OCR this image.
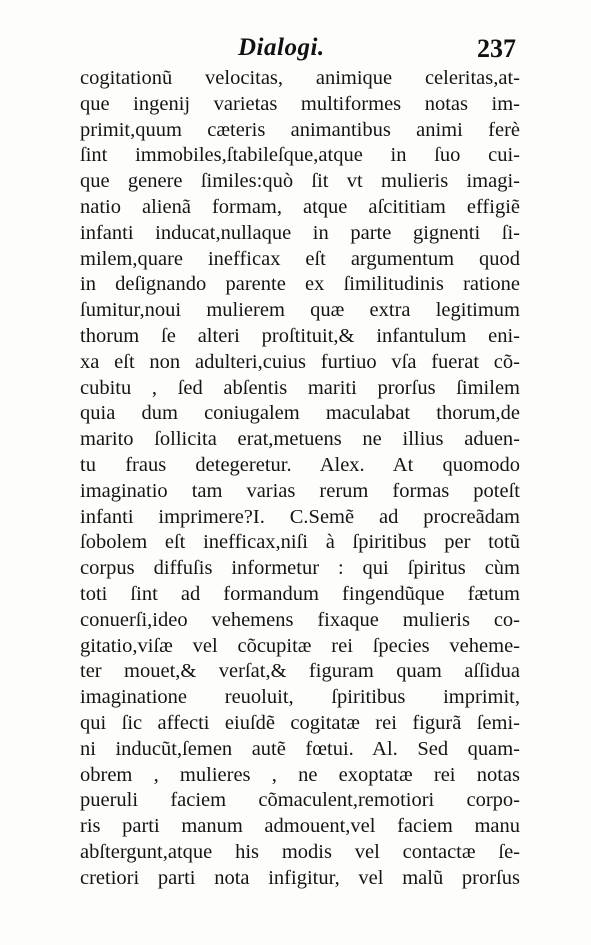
Dialogi.	237
cogitationũ velocitas, animique celeritas,at-
que ingenij varietas multiformes notas im-
primit,quum cæteris animantibus animi ferè
ſint immobiles,ſtabileſque,atque in ſuo cui-
que genere ſimiles:quò ſit vt mulieris imagi-
natio alienã formam, atque aſcititiam effigiẽ
infanti inducat,nullaque in parte gignenti ſi-
milem,quare inefficax eſt argumentum quod
in deſignando parente ex ſimilitudinis ratione
ſumitur,noui mulierem quæ extra legitimum
thorum ſe alteri proſtituit,& infantulum eni-
xa eſt non adulteri,cuius furtiuo vſa fuerat cõ-
cubitu , ſed abſentis mariti prorſus ſimilem
quia dum coniugalem maculabat thorum,de
marito ſollicita erat,metuens ne illius aduen-
tu fraus detegeretur. Alex. At quomodo
imaginatio tam varias rerum formas poteſt
infanti imprimere?I. C.Semẽ ad procreãdam
ſobolem eſt inefficax,niſi à ſpiritibus per totũ
corpus diffuſis informetur : qui ſpiritus cùm
toti ſint ad formandum fingendũque fætum
conuerſi,ideo vehemens fixaque mulieris co-
gitatio,viſæ vel cõcupitæ rei ſpecies veheme-
ter mouet,& verſat,& figuram quam aſſidua
imaginatione reuoluit, ſpiritibus imprimit,
qui ſic affecti eiuſdẽ cogitatæ rei figurã ſemi-
ni inducũt,ſemen autẽ fœtui. Al. Sed quam-
obrem , mulieres , ne exoptatæ rei notas
pueruli faciem cõmaculent,remotiori corpo-
ris parti manum admouent,vel faciem manu
abſtergunt,atque his modis vel contactæ ſe-
cretiori parti nota infigitur, vel malũ prorſus
